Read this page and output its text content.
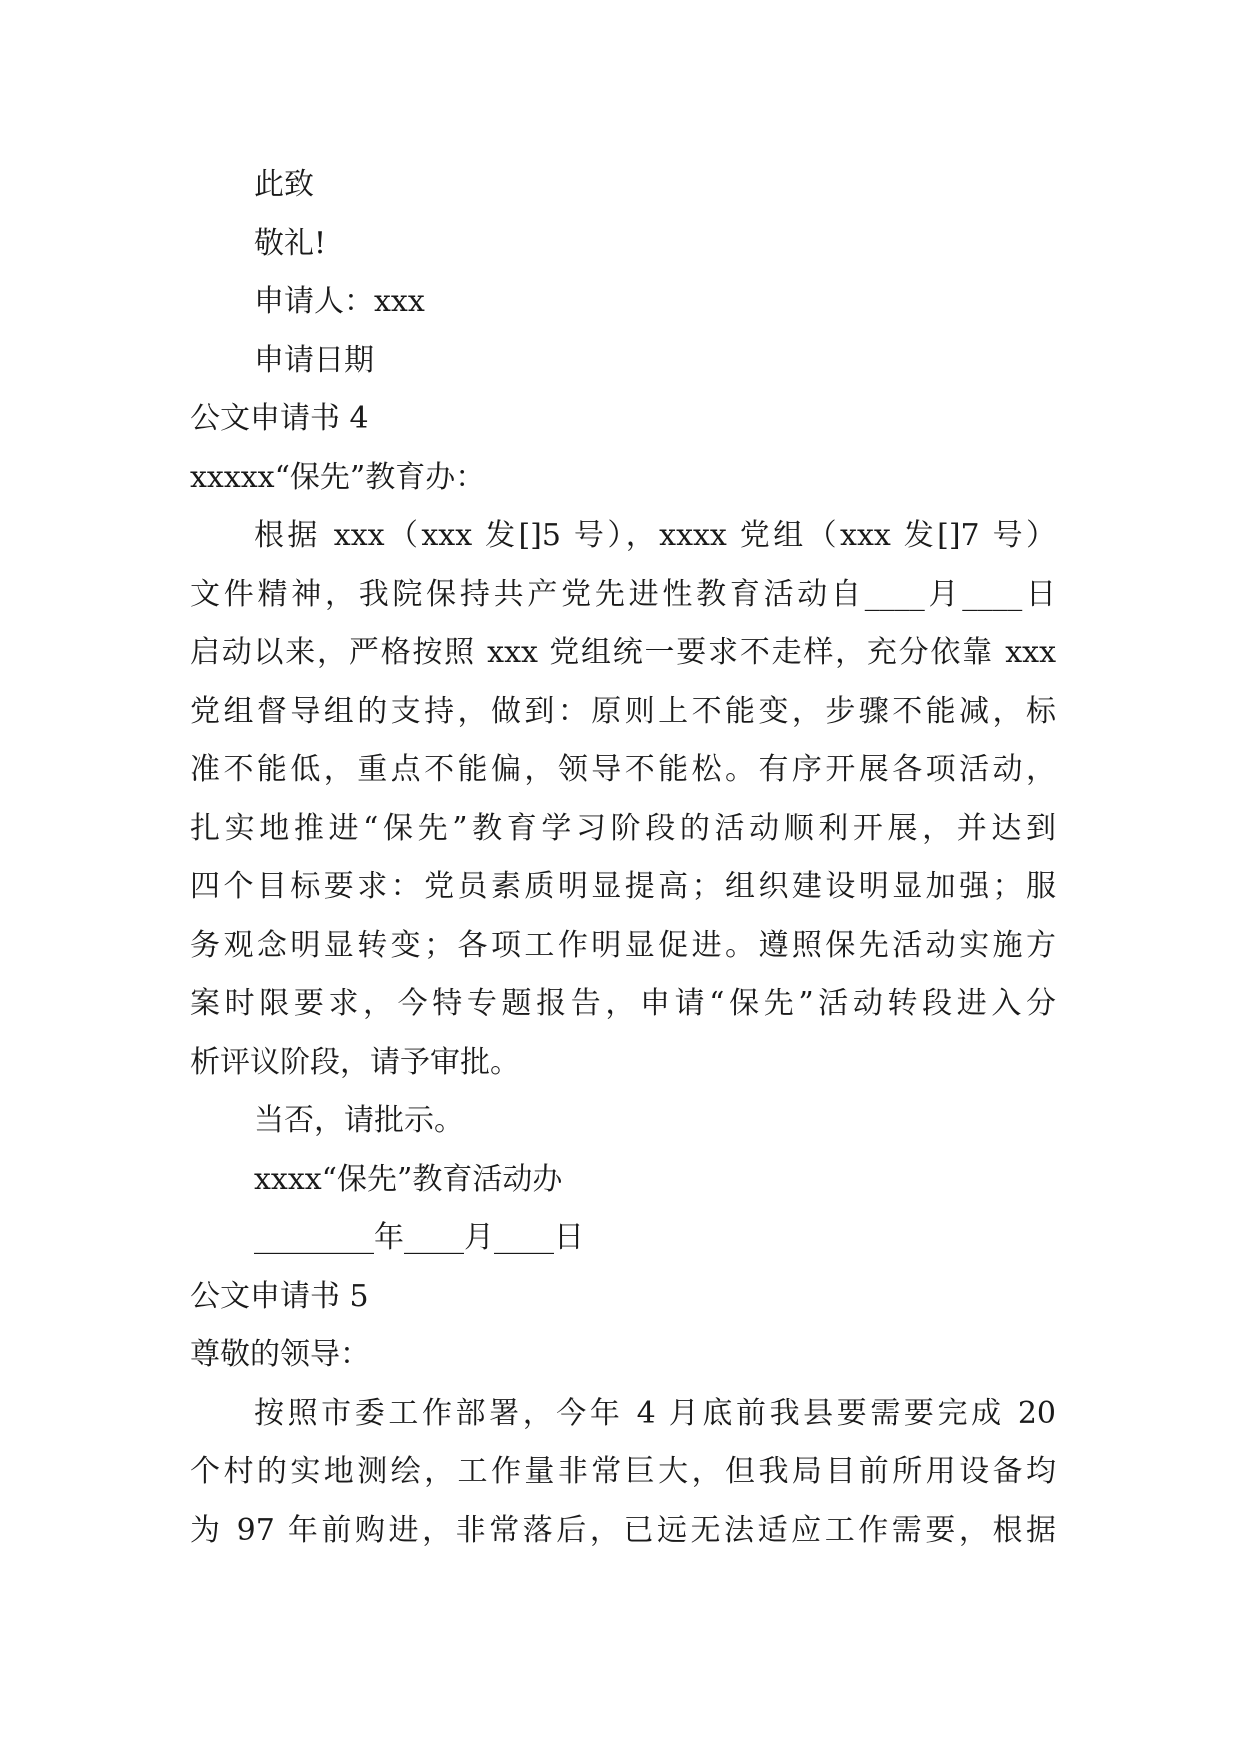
此致
敬礼!
申请人：xxx
申请日期
公文申请书 4
xxxxx“保先”教育办：
根据 xxx（xxx 发[]5 号），xxxx 党组（xxx 发[]7 号）
文件精神，我院保持共产党先进性教育活动自____月____日
启动以来，严格按照 xxx 党组统一要求不走样，充分依靠 xxx
党组督导组的支持，做到：原则上不能变，步骤不能减，标
准不能低，重点不能偏，领导不能松。有序开展各项活动，
扎实地推进“保先”教育学习阶段的活动顺利开展，并达到
四个目标要求：党员素质明显提高；组织建设明显加强；服
务观念明显转变；各项工作明显促进。遵照保先活动实施方
案时限要求，今特专题报告，申请“保先”活动转段进入分
析评议阶段，请予审批。
当否，请批示。
xxxx“保先”教育活动办
________年____月____日
公文申请书 5
尊敬的领导：
按照市委工作部署，今年 4 月底前我县要需要完成 20
个村的实地测绘，工作量非常巨大，但我局目前所用设备均
为 97 年前购进，非常落后，已远无法适应工作需要，根据
